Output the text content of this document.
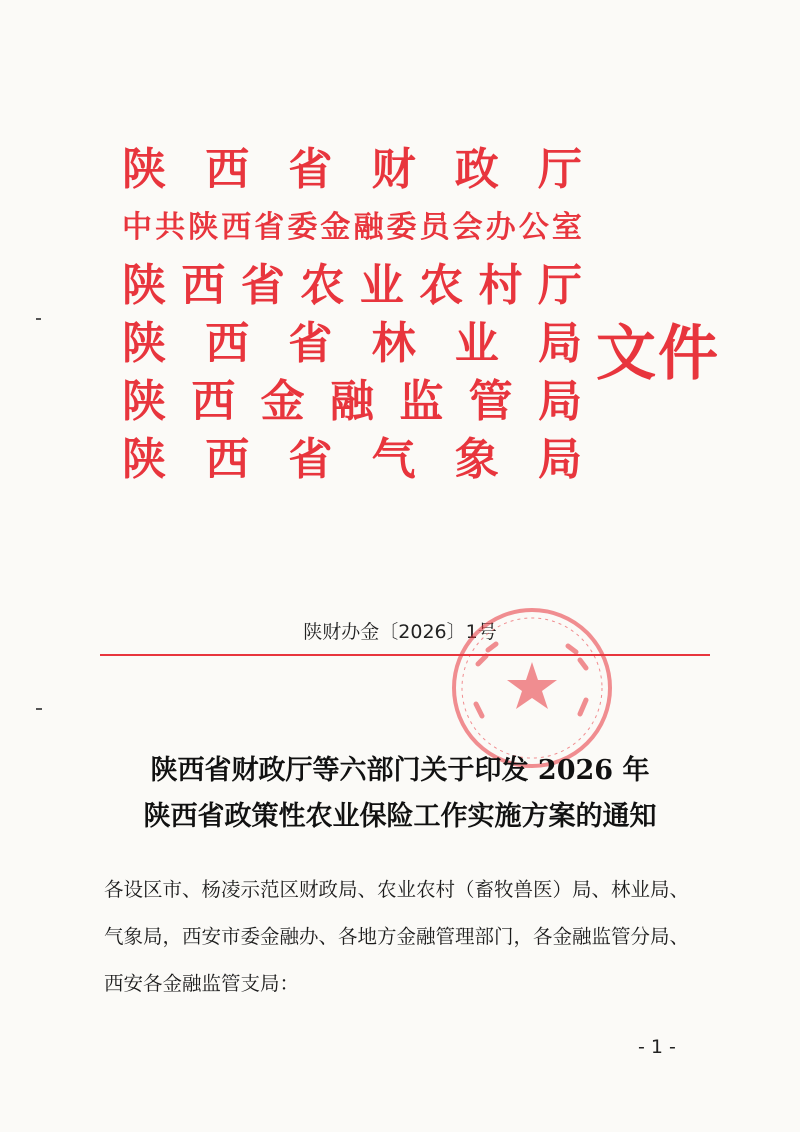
陕 西 省 财 政 厅
中 共 陕 西 省 委 金 融 委 员 会 办 公 室
陕 西 省 农 业 农 村 厅
陕 西 省 林 业 局
陕 西 金 融 监 管 局
陕 西 省 气 象 局
文件
陕财办金〔2026〕1号
陕西省财政厅等六部门关于印发 2026 年
陕西省政策性农业保险工作实施方案的通知
各设区市、杨凌示范区财政局、农业农村（畜牧兽医）局、林业局、气象局，西安市委金融办、各地方金融管理部门，各金融监管分局、西安各金融监管支局：
- 1 -
